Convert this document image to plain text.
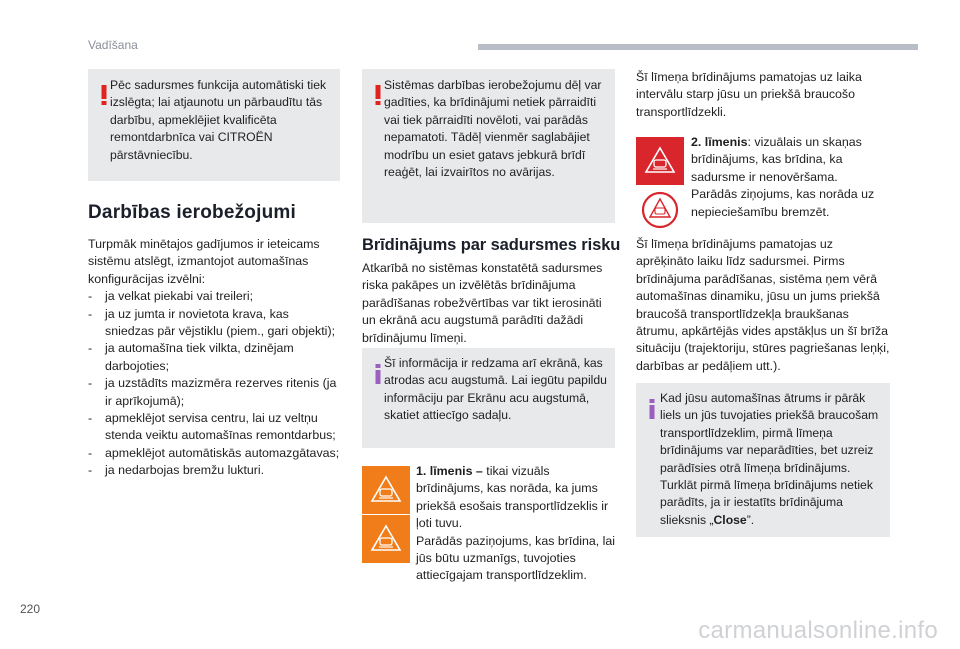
Vadīšana

Pēc sadursmes funkcija automātiski tiek izslēgta; lai atjaunotu un pārbaudītu tās darbību, apmeklējiet kvalificēta remontdarbnīca vai CITROËN pārstāvniecību.

Darbības ierobežojumi

Turpmāk minētajos gadījumos ir ieteicams sistēmu atslēgt, izmantojot automašīnas konfigurācijas izvēlni:

- ja velkat piekabi vai treileri;
- ja uz jumta ir novietota krava, kas sniedzas pār vējstiklu (piem., gari objekti);
- ja automašīna tiek vilkta, dzinējam darbojoties;
- ja uzstādīts mazizmēra rezerves ritenis (ja ir aprīkojumā);
- apmeklējot servisa centru, lai uz veltņu stenda veiktu automašīnas remontdarbus;
- apmeklējot automātiskās automazgātavas;
- ja nedarbojas bremžu lukturi.

Sistēmas darbības ierobežojumu dēļ var gadīties, ka brīdinājumi netiek pārraidīti vai tiek pārraidīti novēloti, vai parādās nepamatoti. Tādēļ vienmēr saglabājiet modrību un esiet gatavs jebkurā brīdī reaģēt, lai izvairītos no avārijas.

Brīdinājums par sadursmes risku

Atkarībā no sistēmas konstatētā sadursmes riska pakāpes un izvēlētās brīdinājuma parādīšanas robežvērtības var tikt ierosināti un ekrānā acu augstumā parādīti dažādi brīdinājumu līmeņi.

Šī informācija ir redzama arī ekrānā, kas atrodas acu augstumā. Lai iegūtu papildu informāciju par Ekrānu acu augstumā, skatiet attiecīgo sadaļu.

1. līmenis – tikai vizuāls brīdinājums, kas norāda, ka jums priekšā esošais transportlīdzeklis ir ļoti tuvu.

Parādās paziņojums, kas brīdina, lai jūs būtu uzmanīgs, tuvojoties attiecīgajam transportlīdzeklim.

Šī līmeņa brīdinājums pamatojas uz laika intervālu starp jūsu un priekšā braucošo transportlīdzekli.

2. līmenis: vizuālais un skaņas brīdinājums, kas brīdina, ka sadursme ir nenovēršama.

Parādās ziņojums, kas norāda uz nepieciešamību bremzēt.

Šī līmeņa brīdinājums pamatojas uz aprēķināto laiku līdz sadursmei. Pirms brīdinājuma parādīšanas, sistēma ņem vērā automašīnas dinamiku, jūsu un jums priekšā braucošā transportlīdzekļa braukšanas ātrumu, apkārtējās vides apstākļus un šī brīža situāciju (trajektoriju, stūres pagriešanas leņķi, darbības ar pedāļiem utt.).

Kad jūsu automašīnas ātrums ir pārāk liels un jūs tuvojaties priekšā braucošam transportlīdzeklim, pirmā līmeņa brīdinājums var neparādīties, bet uzreiz parādīsies otrā līmeņa brīdinājums. Turklāt pirmā līmeņa brīdinājums netiek parādīts, ja ir iestatīts brīdinājuma slieksnis „Close”.

220
carmanualsonline.info
